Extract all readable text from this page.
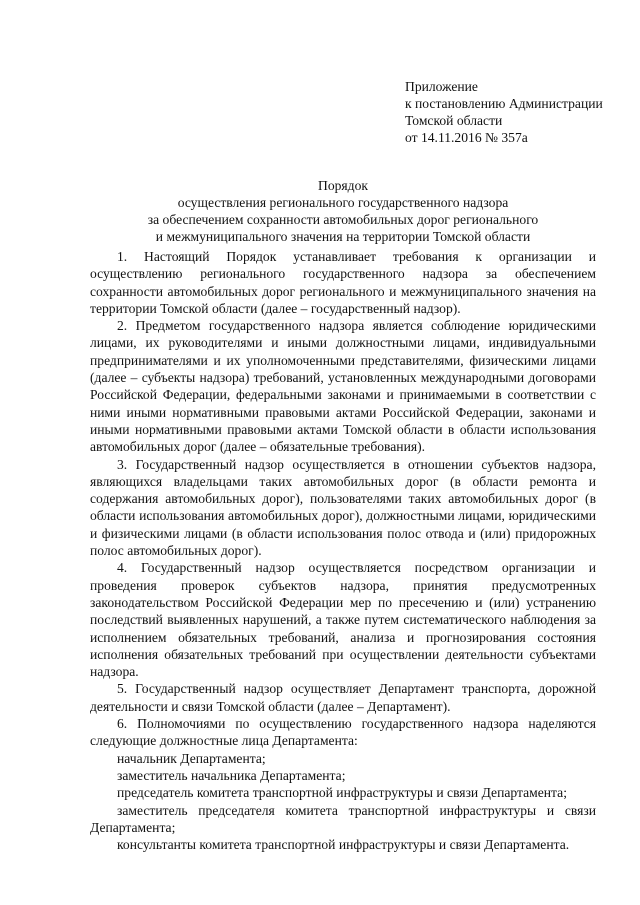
Приложение
к постановлению Администрации
Томской области
от 14.11.2016 № 357а
Порядок
осуществления регионального государственного надзора
за обеспечением сохранности автомобильных дорог регионального
и межмуниципального значения на территории Томской области

1. Настоящий Порядок устанавливает требования к организации и осуществлению регионального государственного надзора за обеспечением сохранности автомобильных дорог регионального и межмуниципального значения на территории Томской области (далее – государственный надзор).

2. Предметом государственного надзора является соблюдение юридическими лицами, их руководителями и иными должностными лицами, индивидуальными предпринимателями и их уполномоченными представителями, физическими лицами (далее – субъекты надзора) требований, установленных международными договорами Российской Федерации, федеральными законами и принимаемыми в соответствии с ними иными нормативными правовыми актами Российской Федерации, законами и иными нормативными правовыми актами Томской области в области использования автомобильных дорог (далее – обязательные требования).

3. Государственный надзор осуществляется в отношении субъектов надзора, являющихся владельцами таких автомобильных дорог (в области ремонта и содержания автомобильных дорог), пользователями таких автомобильных дорог (в области использования автомобильных дорог), должностными лицами, юридическими и физическими лицами (в области использования полос отвода и (или) придорожных полос автомобильных дорог).

4. Государственный надзор осуществляется посредством организации и проведения проверок субъектов надзора, принятия предусмотренных законодательством Российской Федерации мер по пресечению и (или) устранению последствий выявленных нарушений, а также путем систематического наблюдения за исполнением обязательных требований, анализа и прогнозирования состояния исполнения обязательных требований при осуществлении деятельности субъектами надзора.

5. Государственный надзор осуществляет Департамент транспорта, дорожной деятельности и связи Томской области (далее – Департамент).

6. Полномочиями по осуществлению государственного надзора наделяются следующие должностные лица Департамента:

начальник Департамента;

заместитель начальника Департамента;

председатель комитета транспортной инфраструктуры и связи Департамента;

заместитель председателя комитета транспортной инфраструктуры и связи Департамента;

консультанты комитета транспортной инфраструктуры и связи Департамента.
